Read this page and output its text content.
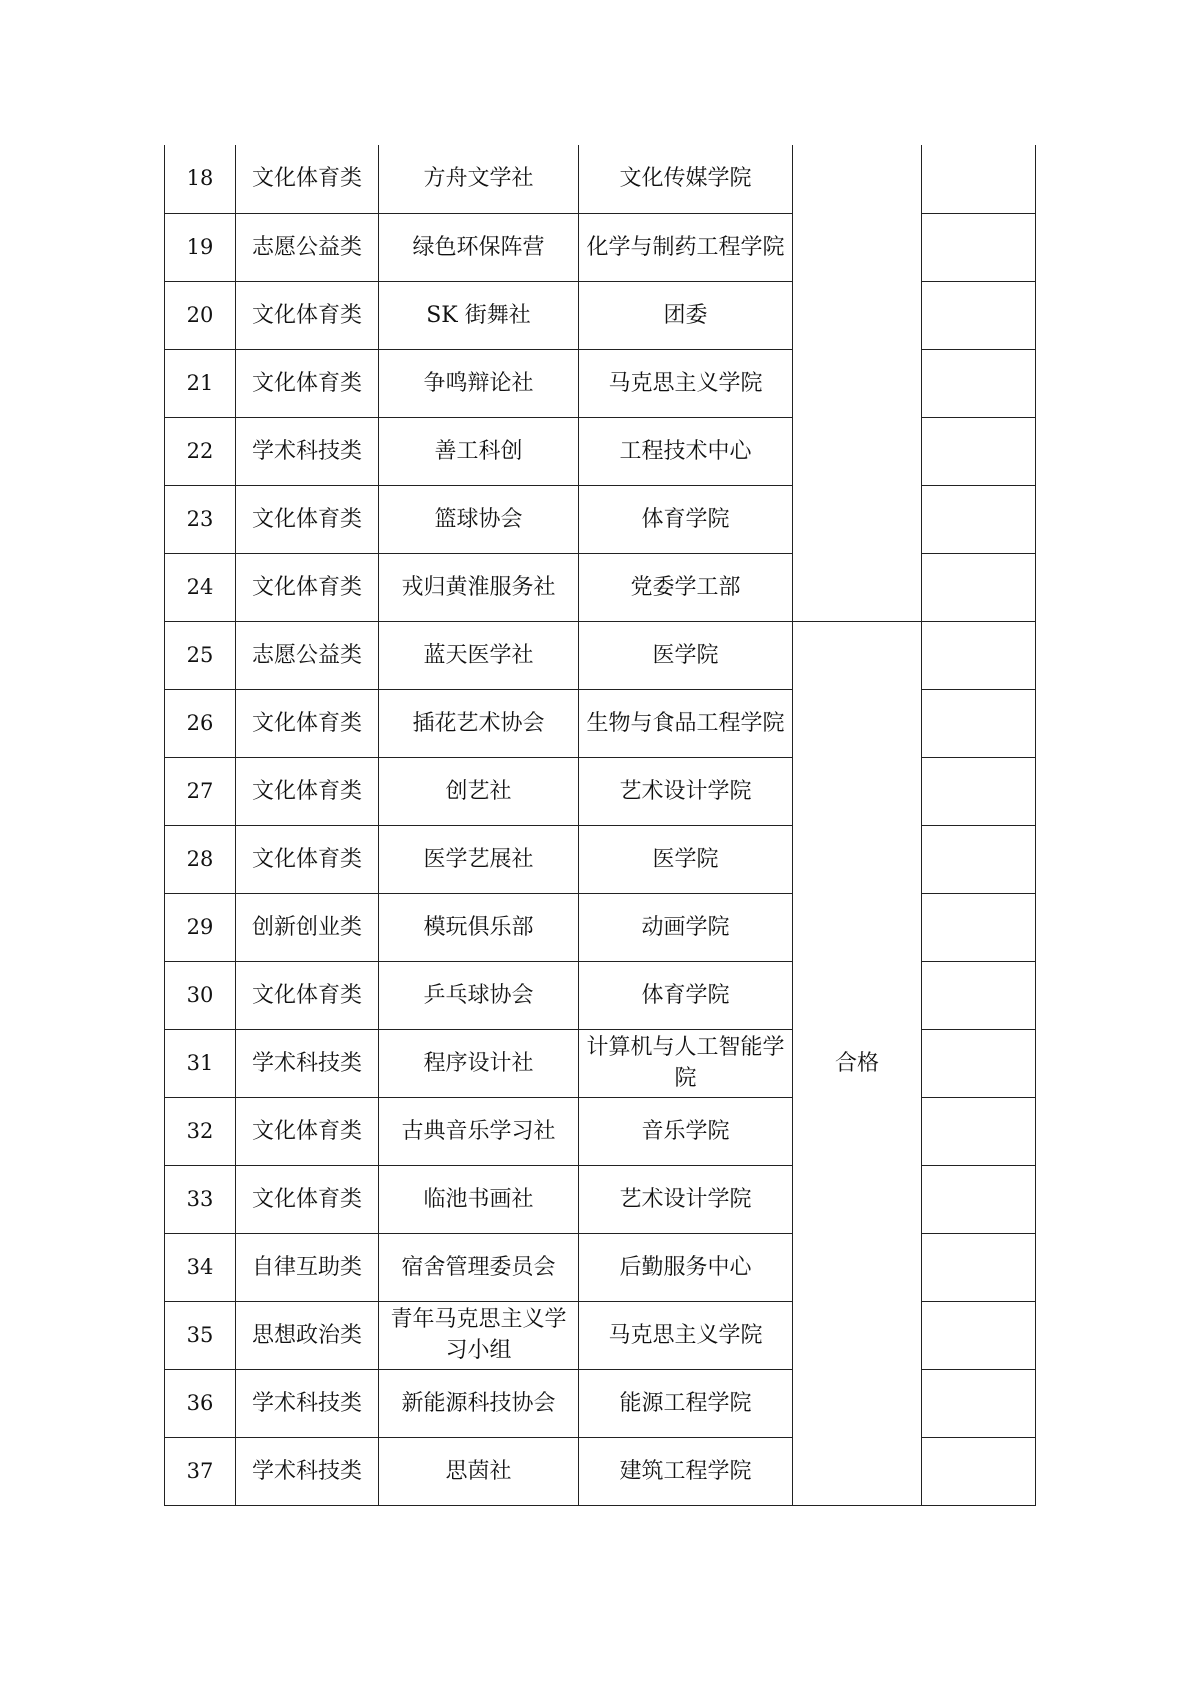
18	文化体育类	方舟文学社	文化传媒学院		
19	志愿公益类	绿色环保阵营	化学与制药工程学院		
20	文化体育类	SK 街舞社	团委		
21	文化体育类	争鸣辩论社	马克思主义学院		
22	学术科技类	善工科创	工程技术中心		
23	文化体育类	篮球协会	体育学院		
24	文化体育类	戎归黄淮服务社	党委学工部		
25	志愿公益类	蓝天医学社	医学院	合格	
26	文化体育类	插花艺术协会	生物与食品工程学院		
27	文化体育类	创艺社	艺术设计学院		
28	文化体育类	医学艺展社	医学院		
29	创新创业类	模玩俱乐部	动画学院		
30	文化体育类	乒乓球协会	体育学院		
31	学术科技类	程序设计社	计算机与人工智能学院		
32	文化体育类	古典音乐学习社	音乐学院		
33	文化体育类	临池书画社	艺术设计学院		
34	自律互助类	宿舍管理委员会	后勤服务中心		
35	思想政治类	青年马克思主义学习小组	马克思主义学院		
36	学术科技类	新能源科技协会	能源工程学院		
37	学术科技类	思茵社	建筑工程学院		
